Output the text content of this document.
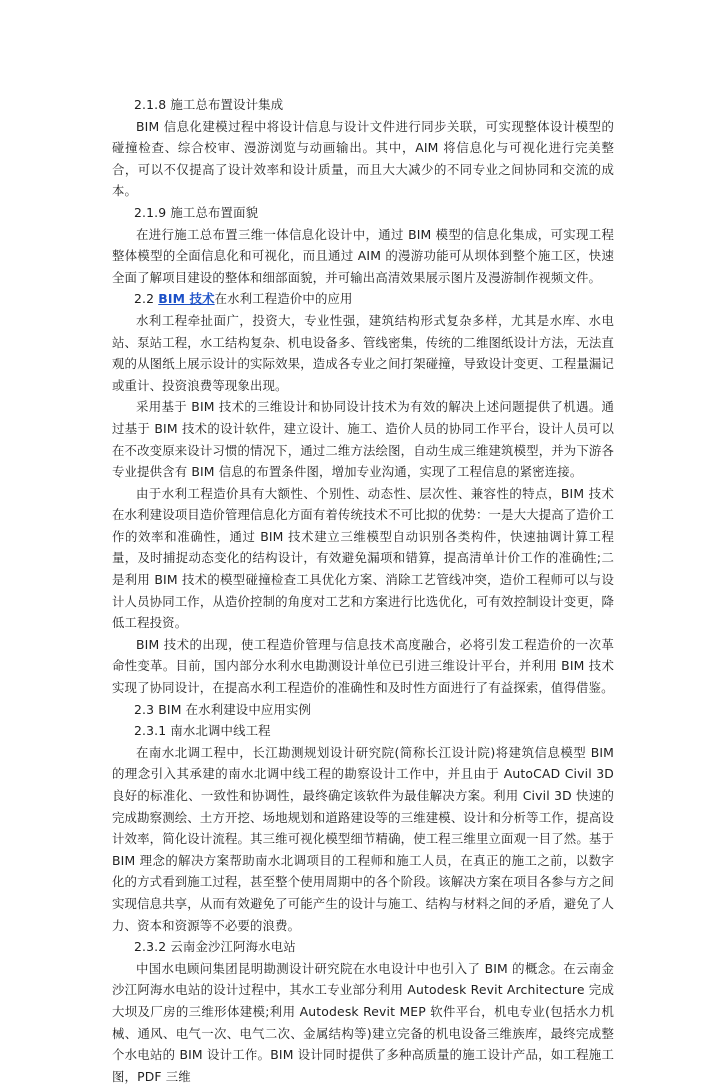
2.1.8 施工总布置设计集成

BIM 信息化建模过程中将设计信息与设计文件进行同步关联，可实现整体设计模型的碰撞检查、综合校审、漫游浏览与动画输出。其中，AIM 将信息化与可视化进行完美整合，可以不仅提高了设计效率和设计质量，而且大大减少的不同专业之间协同和交流的成本。

2.1.9 施工总布置面貌

在进行施工总布置三维一体信息化设计中，通过 BIM 模型的信息化集成，可实现工程整体模型的全面信息化和可视化，而且通过 AIM 的漫游功能可从坝体到整个施工区，快速全面了解项目建设的整体和细部面貌，并可输出高清效果展示图片及漫游制作视频文件。

2.2 BIM 技术在水利工程造价中的应用

水利工程牵扯面广，投资大，专业性强，建筑结构形式复杂多样，尤其是水库、水电站、泵站工程，水工结构复杂、机电设备多、管线密集，传统的二维图纸设计方法，无法直观的从图纸上展示设计的实际效果，造成各专业之间打架碰撞，导致设计变更、工程量漏记或重计、投资浪费等现象出现。

采用基于 BIM 技术的三维设计和协同设计技术为有效的解决上述问题提供了机遇。通过基于 BIM 技术的设计软件，建立设计、施工、造价人员的协同工作平台，设计人员可以在不改变原来设计习惯的情况下，通过二维方法绘图，自动生成三维建筑模型，并为下游各专业提供含有 BIM 信息的布置条件图，增加专业沟通，实现了工程信息的紧密连接。

由于水利工程造价具有大额性、个别性、动态性、层次性、兼容性的特点，BIM 技术在水利建设项目造价管理信息化方面有着传统技术不可比拟的优势：一是大大提高了造价工作的效率和准确性，通过 BIM 技术建立三维模型自动识别各类构件，快速抽调计算工程量，及时捕捉动态变化的结构设计，有效避免漏项和错算，提高清单计价工作的准确性;二是利用 BIM 技术的模型碰撞检查工具优化方案、消除工艺管线冲突，造价工程师可以与设计人员协同工作，从造价控制的角度对工艺和方案进行比选优化，可有效控制设计变更，降低工程投资。

BIM 技术的出现，使工程造价管理与信息技术高度融合，必将引发工程造价的一次革命性变革。目前，国内部分水利水电勘测设计单位已引进三维设计平台，并利用 BIM 技术实现了协同设计，在提高水利工程造价的准确性和及时性方面进行了有益探索，值得借鉴。

2.3 BIM 在水利建设中应用实例

2.3.1 南水北调中线工程

在南水北调工程中，长江勘测规划设计研究院(简称长江设计院)将建筑信息模型 BIM 的理念引入其承建的南水北调中线工程的勘察设计工作中，并且由于 AutoCAD Civil 3D 良好的标准化、一致性和协调性，最终确定该软件为最佳解决方案。利用 Civil 3D 快速的完成勘察测绘、土方开挖、场地规划和道路建设等的三维建模、设计和分析等工作，提高设计效率，简化设计流程。其三维可视化模型细节精确，使工程三维里立面观一目了然。基于 BIM 理念的解决方案帮助南水北调项目的工程师和施工人员，在真正的施工之前，以数字化的方式看到施工过程，甚至整个使用周期中的各个阶段。该解决方案在项目各参与方之间实现信息共享，从而有效避免了可能产生的设计与施工、结构与材料之间的矛盾，避免了人力、资本和资源等不必要的浪费。

2.3.2 云南金沙江阿海水电站

中国水电顾问集团昆明勘测设计研究院在水电设计中也引入了 BIM 的概念。在云南金沙江阿海水电站的设计过程中，其水工专业部分利用 Autodesk Revit Architecture 完成大坝及厂房的三维形体建模;利用 Autodesk Revit MEP 软件平台，机电专业(包括水力机械、通风、电气一次、电气二次、金属结构等)建立完备的机电设备三维族库，最终完成整个水电站的 BIM 设计工作。BIM 设计同时提供了多种高质量的施工设计产品，如工程施工图，PDF 三维
